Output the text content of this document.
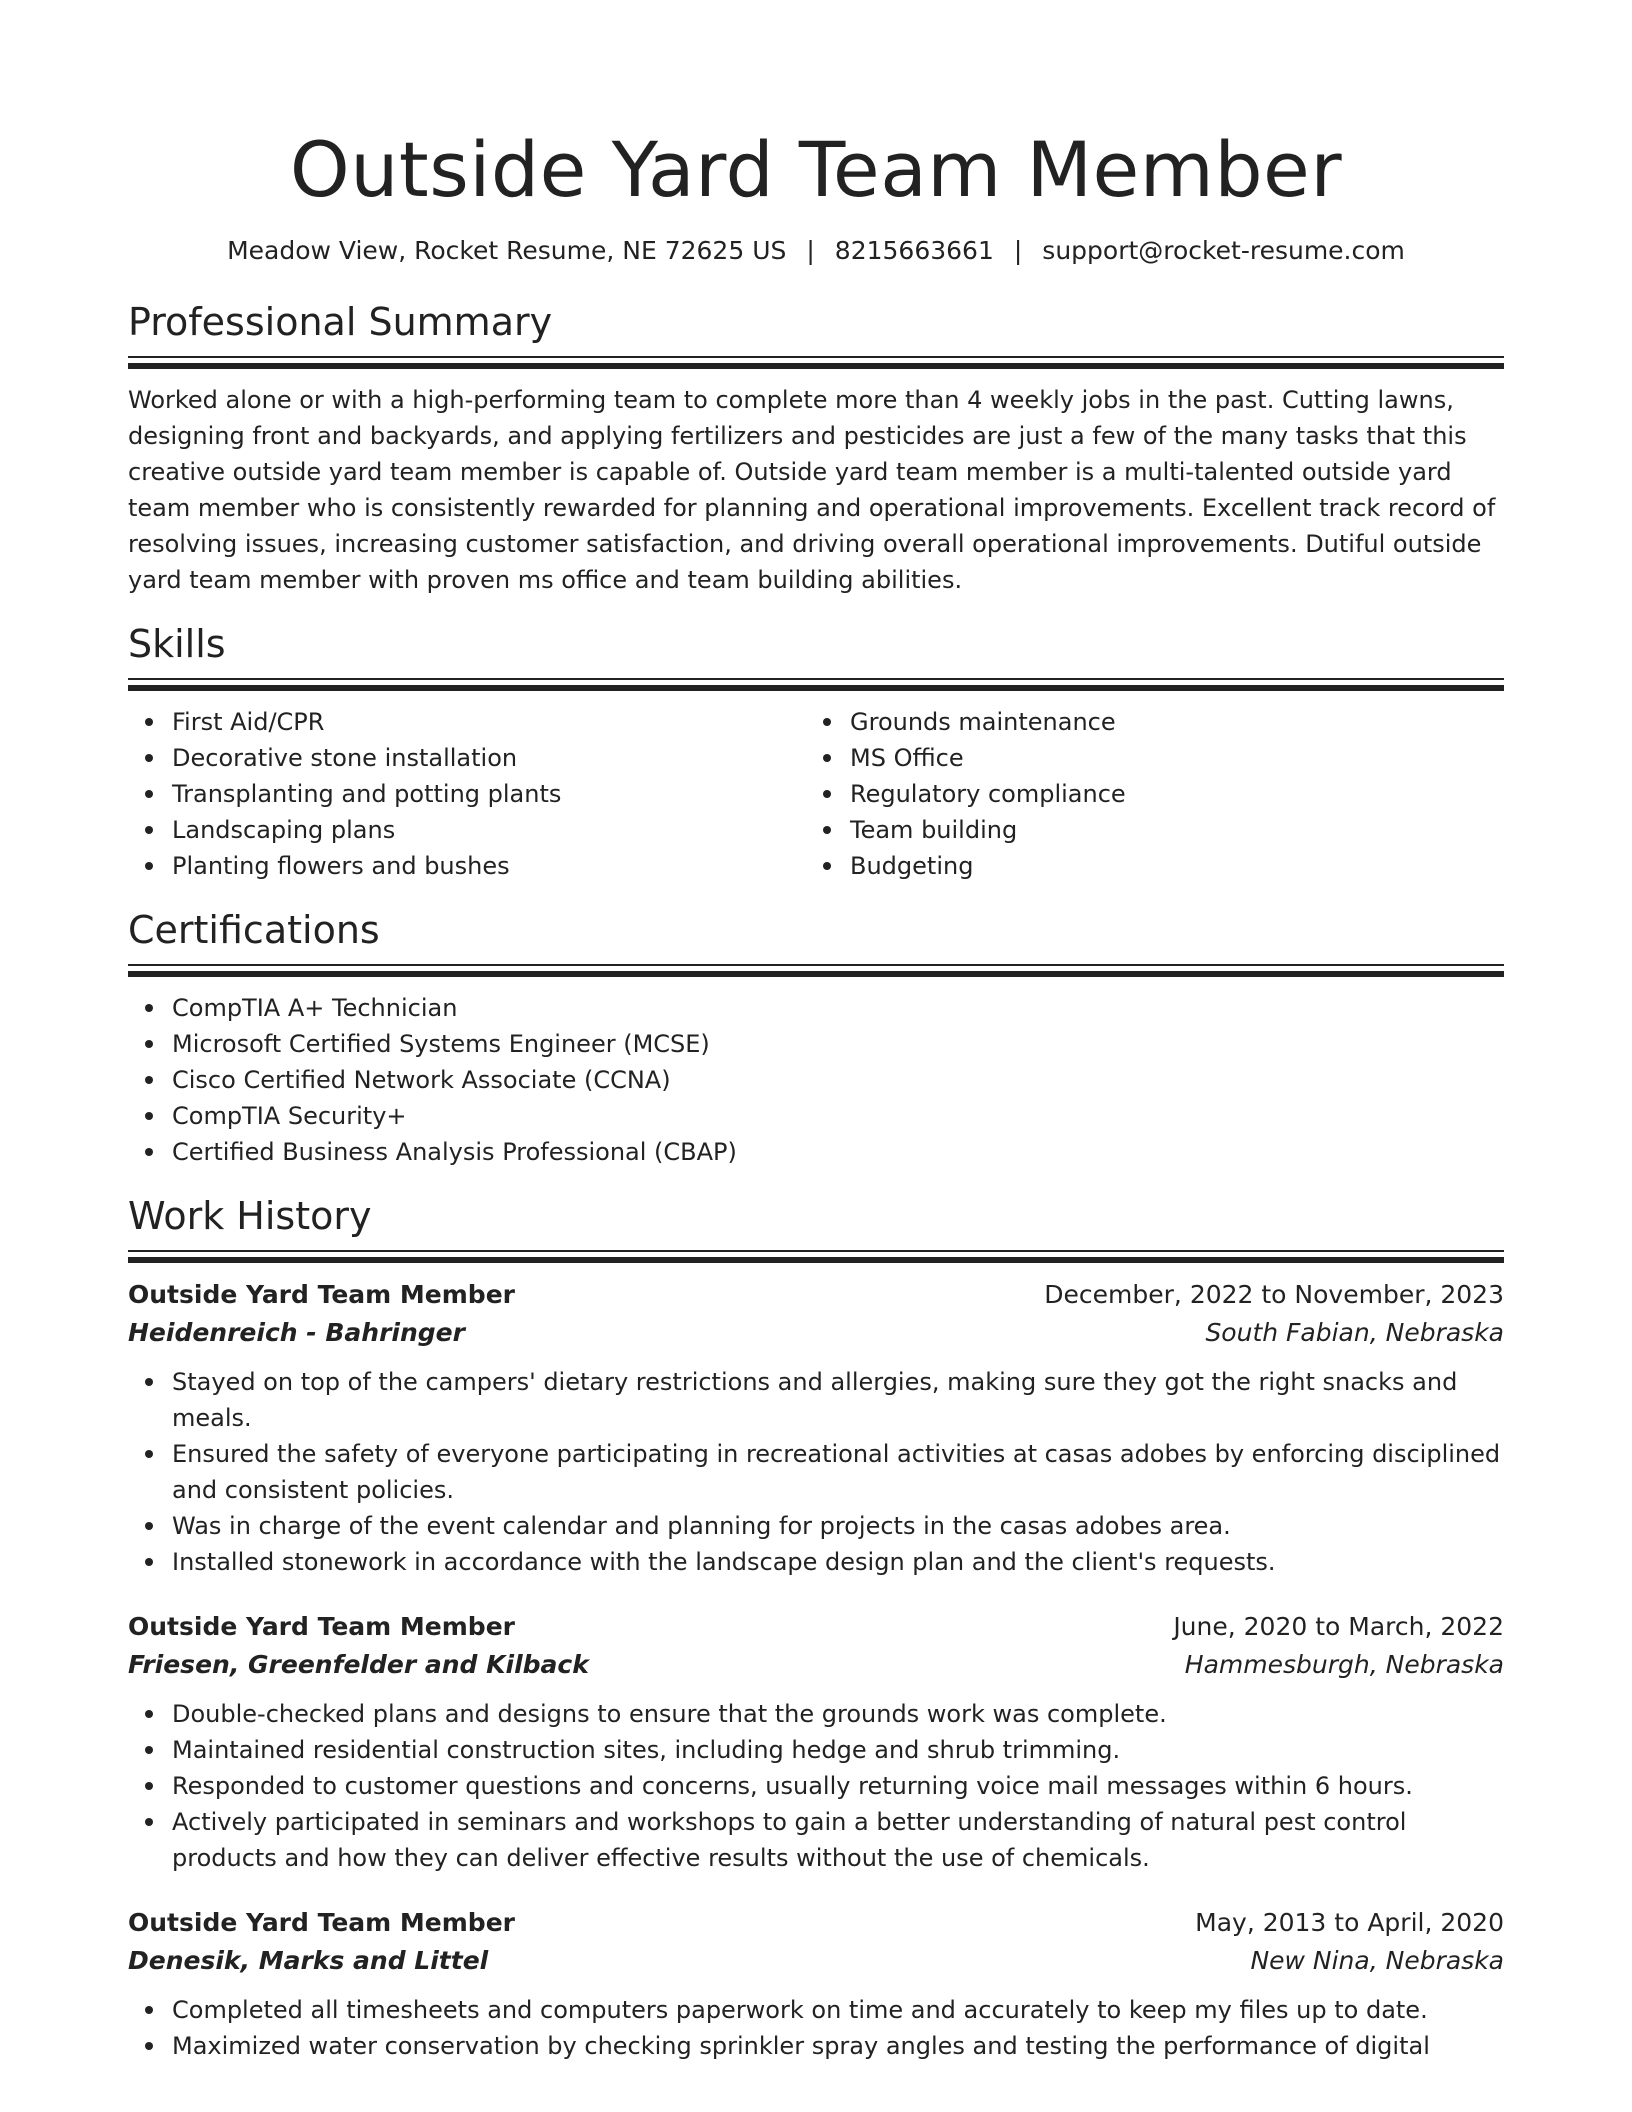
Outside Yard Team Member
Meadow View, Rocket Resume, NE 72625 US | 8215663661 | support@rocket-resume.com
Professional Summary

Worked alone or with a high-performing team to complete more than 4 weekly jobs in the past. Cutting lawns, designing front and backyards, and applying fertilizers and pesticides are just a few of the many tasks that this creative outside yard team member is capable of. Outside yard team member is a multi-talented outside yard team member who is consistently rewarded for planning and operational improvements. Excellent track record of resolving issues, increasing customer satisfaction, and driving overall operational improvements. Dutiful outside yard team member with proven ms office and team building abilities.

Skills
First Aid/CPR
Decorative stone installation
Transplanting and potting plants
Landscaping plans
Planting flowers and bushes
Grounds maintenance
MS Office
Regulatory compliance
Team building
Budgeting
Certifications
CompTIA A+ Technician
Microsoft Certified Systems Engineer (MCSE)
Cisco Certified Network Associate (CCNA)
CompTIA Security+
Certified Business Analysis Professional (CBAP)
Work History
Outside Yard Team Member	December, 2022 to November, 2023
Heidenreich - Bahringer	South Fabian, Nebraska
Stayed on top of the campers' dietary restrictions and allergies, making sure they got the right snacks and meals.
Ensured the safety of everyone participating in recreational activities at casas adobes by enforcing disciplined and consistent policies.
Was in charge of the event calendar and planning for projects in the casas adobes area.
Installed stonework in accordance with the landscape design plan and the client's requests.
Outside Yard Team Member	June, 2020 to March, 2022
Friesen, Greenfelder and Kilback	Hammesburgh, Nebraska
Double-checked plans and designs to ensure that the grounds work was complete.
Maintained residential construction sites, including hedge and shrub trimming.
Responded to customer questions and concerns, usually returning voice mail messages within 6 hours.
Actively participated in seminars and workshops to gain a better understanding of natural pest control products and how they can deliver effective results without the use of chemicals.
Outside Yard Team Member	May, 2013 to April, 2020
Denesik, Marks and Littel	New Nina, Nebraska
Completed all timesheets and computers paperwork on time and accurately to keep my files up to date.
Maximized water conservation by checking sprinkler spray angles and testing the performance of digital
